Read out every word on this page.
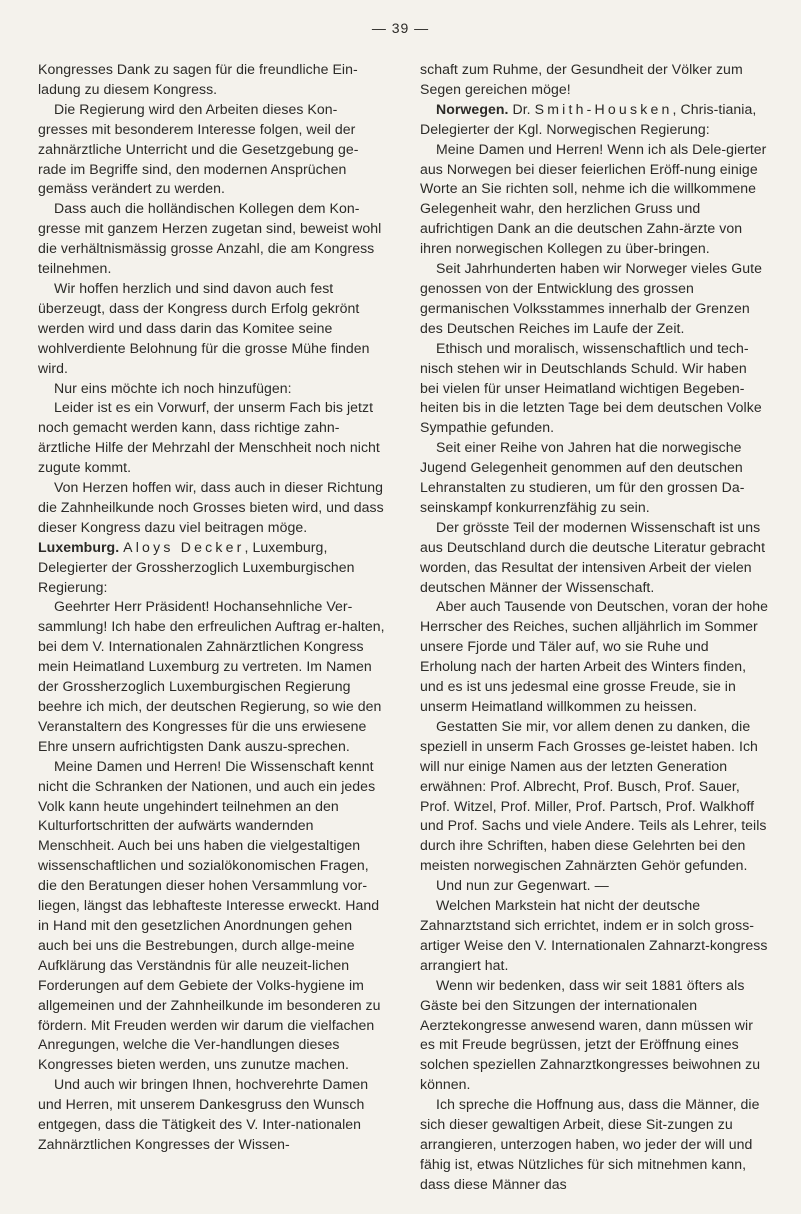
— 39 —

Kongresses Dank zu sagen für die freundliche Ein-ladung zu diesem Kongress.

Die Regierung wird den Arbeiten dieses Kon-gresses mit besonderem Interesse folgen, weil der zahnärztliche Unterricht und die Gesetzgebung ge-rade im Begriffe sind, den modernen Ansprüchen gemäss verändert zu werden.

Dass auch die holländischen Kollegen dem Kon-gresse mit ganzem Herzen zugetan sind, beweist wohl die verhältnismässig grosse Anzahl, die am Kongress teilnehmen.

Wir hoffen herzlich und sind davon auch fest überzeugt, dass der Kongress durch Erfolg gekrönt werden wird und dass darin das Komitee seine wohlverdiente Belohnung für die grosse Mühe finden wird.

Nur eins möchte ich noch hinzufügen:

Leider ist es ein Vorwurf, der unserm Fach bis jetzt noch gemacht werden kann, dass richtige zahn-ärztliche Hilfe der Mehrzahl der Menschheit noch nicht zugute kommt.

Von Herzen hoffen wir, dass auch in dieser Richtung die Zahnheilkunde noch Grosses bieten wird, und dass dieser Kongress dazu viel beitragen möge.

Luxemburg. Aloys Decker, Luxemburg, Delegierter der Grossherzoglich Luxemburgischen Regierung:

Geehrter Herr Präsident! Hochansehnliche Ver-sammlung! Ich habe den erfreulichen Auftrag er-halten, bei dem V. Internationalen Zahnärztlichen Kongress mein Heimatland Luxemburg zu vertreten. Im Namen der Grossherzoglich Luxemburgischen Regierung beehre ich mich, der deutschen Regierung, so wie den Veranstaltern des Kongresses für die uns erwiesene Ehre unsern aufrichtigsten Dank auszu-sprechen.

Meine Damen und Herren! Die Wissenschaft kennt nicht die Schranken der Nationen, und auch ein jedes Volk kann heute ungehindert teilnehmen an den Kulturfortschritten der aufwärts wandernden Menschheit. Auch bei uns haben die vielgestaltigen wissenschaftlichen und sozialökonomischen Fragen, die den Beratungen dieser hohen Versammlung vor-liegen, längst das lebhafteste Interesse erweckt. Hand in Hand mit den gesetzlichen Anordnungen gehen auch bei uns die Bestrebungen, durch allge-meine Aufklärung das Verständnis für alle neuzeit-lichen Forderungen auf dem Gebiete der Volks-hygiene im allgemeinen und der Zahnheilkunde im besonderen zu fördern. Mit Freuden werden wir darum die vielfachen Anregungen, welche die Ver-handlungen dieses Kongresses bieten werden, uns zunutze machen.

Und auch wir bringen Ihnen, hochverehrte Damen und Herren, mit unserem Dankesgruss den Wunsch entgegen, dass die Tätigkeit des V. Inter-nationalen Zahnärztlichen Kongresses der Wissen-

schaft zum Ruhme, der Gesundheit der Völker zum Segen gereichen möge!

Norwegen. Dr. Smith-Housken, Chris-tiania, Delegierter der Kgl. Norwegischen Regierung:

Meine Damen und Herren! Wenn ich als Dele-gierter aus Norwegen bei dieser feierlichen Eröff-nung einige Worte an Sie richten soll, nehme ich die willkommene Gelegenheit wahr, den herzlichen Gruss und aufrichtigen Dank an die deutschen Zahn-ärzte von ihren norwegischen Kollegen zu über-bringen.

Seit Jahrhunderten haben wir Norweger vieles Gute genossen von der Entwicklung des grossen germanischen Volksstammes innerhalb der Grenzen des Deutschen Reiches im Laufe der Zeit.

Ethisch und moralisch, wissenschaftlich und tech-nisch stehen wir in Deutschlands Schuld. Wir haben bei vielen für unser Heimatland wichtigen Begeben-heiten bis in die letzten Tage bei dem deutschen Volke Sympathie gefunden.

Seit einer Reihe von Jahren hat die norwegische Jugend Gelegenheit genommen auf den deutschen Lehranstalten zu studieren, um für den grossen Da-seinskampf konkurrenzfähig zu sein.

Der grösste Teil der modernen Wissenschaft ist uns aus Deutschland durch die deutsche Literatur gebracht worden, das Resultat der intensiven Arbeit der vielen deutschen Männer der Wissenschaft.

Aber auch Tausende von Deutschen, voran der hohe Herrscher des Reiches, suchen alljährlich im Sommer unsere Fjorde und Täler auf, wo sie Ruhe und Erholung nach der harten Arbeit des Winters finden, und es ist uns jedesmal eine grosse Freude, sie in unserm Heimatland willkommen zu heissen.

Gestatten Sie mir, vor allem denen zu danken, die speziell in unserm Fach Grosses ge-leistet haben. Ich will nur einige Namen aus der letzten Generation erwähnen: Prof. Albrecht, Prof. Busch, Prof. Sauer, Prof. Witzel, Prof. Miller, Prof. Partsch, Prof. Walkhoff und Prof. Sachs und viele Andere. Teils als Lehrer, teils durch ihre Schriften, haben diese Gelehrten bei den meisten norwegischen Zahnärzten Gehör gefunden.

Und nun zur Gegenwart. —

Welchen Markstein hat nicht der deutsche Zahnarztstand sich errichtet, indem er in solch gross-artiger Weise den V. Internationalen Zahnarzt-kongress arrangiert hat.

Wenn wir bedenken, dass wir seit 1881 öfters als Gäste bei den Sitzungen der internationalen Aerztekongresse anwesend waren, dann müssen wir es mit Freude begrüssen, jetzt der Eröffnung eines solchen speziellen Zahnarztkongresses beiwohnen zu können.

Ich spreche die Hoffnung aus, dass die Männer, die sich dieser gewaltigen Arbeit, diese Sit-zungen zu arrangieren, unterzogen haben, wo jeder der will und fähig ist, etwas Nützliches für sich mitnehmen kann, dass diese Männer das
